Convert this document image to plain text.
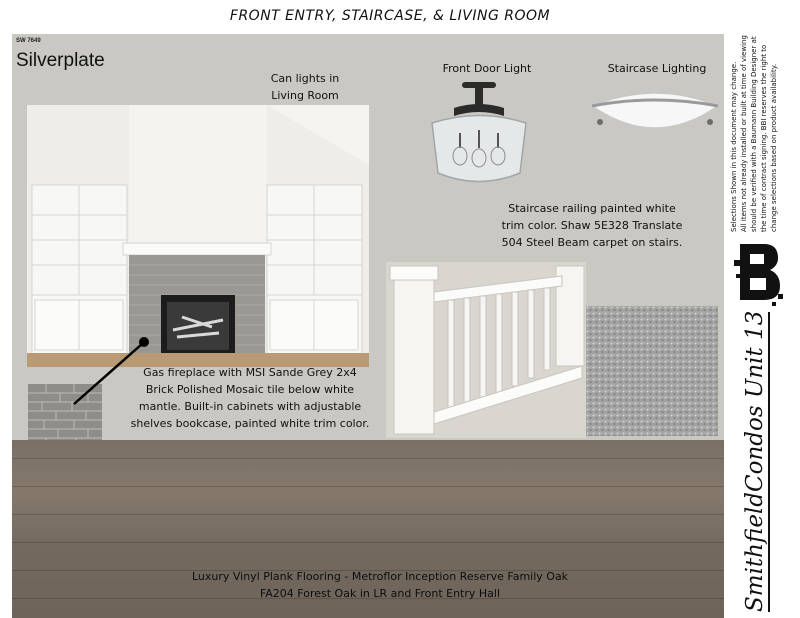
FRONT ENTRY, STAIRCASE, & LIVING ROOM
SW 7649
Silverplate
Can lights in
Living Room
Front Door Light	Staircase Lighting
Staircase railing painted white
trim color. Shaw 5E328 Translate
504 Steel Beam carpet on stairs.
Gas fireplace with MSI Sande Grey 2x4
Brick Polished Mosaic tile below white
mantle. Built-in cabinets with adjustable
shelves bookcase, painted white trim color.
Luxury Vinyl Plank Flooring - Metroflor Inception Reserve Family Oak
FA204 Forest Oak in LR and Front Entry Hall
Selections Shown in this document may change. All items not already installed or built at time of viewing should be verified with a Baumann Building Designer at the time of contract signing. BBI reserves the right to change selections based on product availability.
SmithfieldCondos Unit 13
